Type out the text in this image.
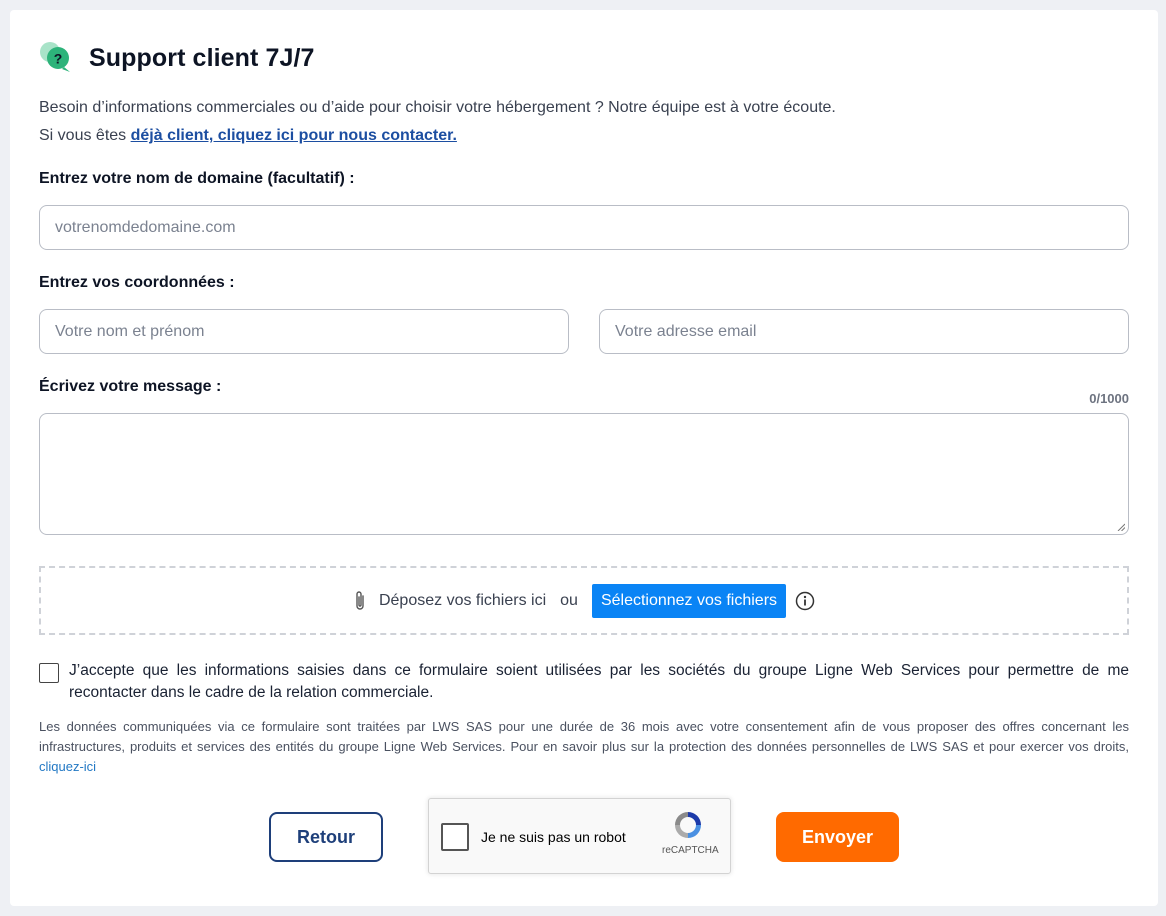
? Support client 7J/7
Besoin d’informations commerciales ou d’aide pour choisir votre hébergement ? Notre équipe est à votre écoute.
Si vous êtes déjà client, cliquez ici pour nous contacter.
Entrez votre nom de domaine (facultatif) :
votrenomdedomaine.com
Entrez vos coordonnées :
Votre nom et prénom	Votre adresse email
Écrivez votre message :
0/1000
Déposez vos fichiers ici ou	Sélectionnez vos fichiers
J’accepte que les informations saisies dans ce formulaire soient utilisées par les sociétés du groupe Ligne Web Services pour permettre de me recontacter dans le cadre de la relation commerciale.
Les données communiquées via ce formulaire sont traitées par LWS SAS pour une durée de 36 mois avec votre consentement afin de vous proposer des offres concernant les infrastructures, produits et services des entités du groupe Ligne Web Services. Pour en savoir plus sur la protection des données personnelles de LWS SAS et pour exercer vos droits, cliquez-ici
Retour	Je ne suis pas un robot
reCAPTCHA
Envoyer
